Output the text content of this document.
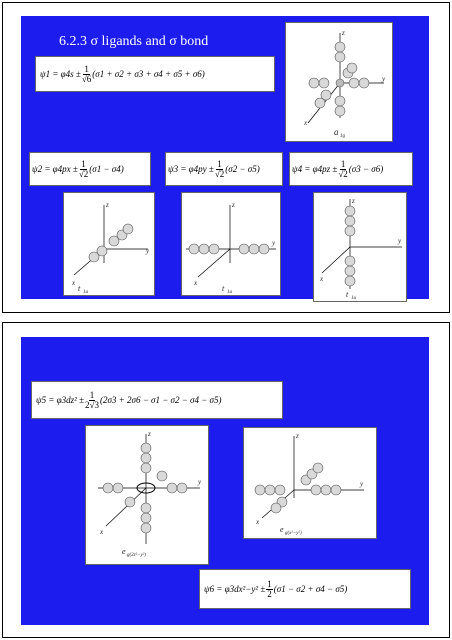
6.2.3 σ ligands and σ bond
$\psi 1 = \varphi 4s \pm \frac{1}{√6} (\sigma 1 + \sigma 2 + \sigma 3 + \sigma 4 + \sigma 5 + \sigma 6)$
z
y
x
a 1g
$\psi 2 = \varphi 4px \pm \frac{1}{√2} (\sigma 1 - \sigma 4)$	$\psi 3 = \varphi 4py \pm \frac{1}{√2} (\sigma 2 - \sigma 5)$	$\psi 4 = \varphi 4pz \pm \frac{1}{√2} (\sigma 3 - \sigma 6)$
z
y
x
t 1u
z
y
x
t 1u
z
y
x
t 1u
$\psi 5 = \varphi 3dz^2 \pm \frac{1}{2√3} (2\sigma 3 + 2\sigma 6 - \sigma 1 - \sigma 2 - \sigma 4 - \sigma 5)$
z
y
x
e g(2z²−y²)
z
y
x
e g(x²−y²)
$\psi 6 = \varphi 3dx^2-y^2 \pm \frac{1}{2} (\sigma 1 - \sigma 2 + \sigma 4 - \sigma 5)$
